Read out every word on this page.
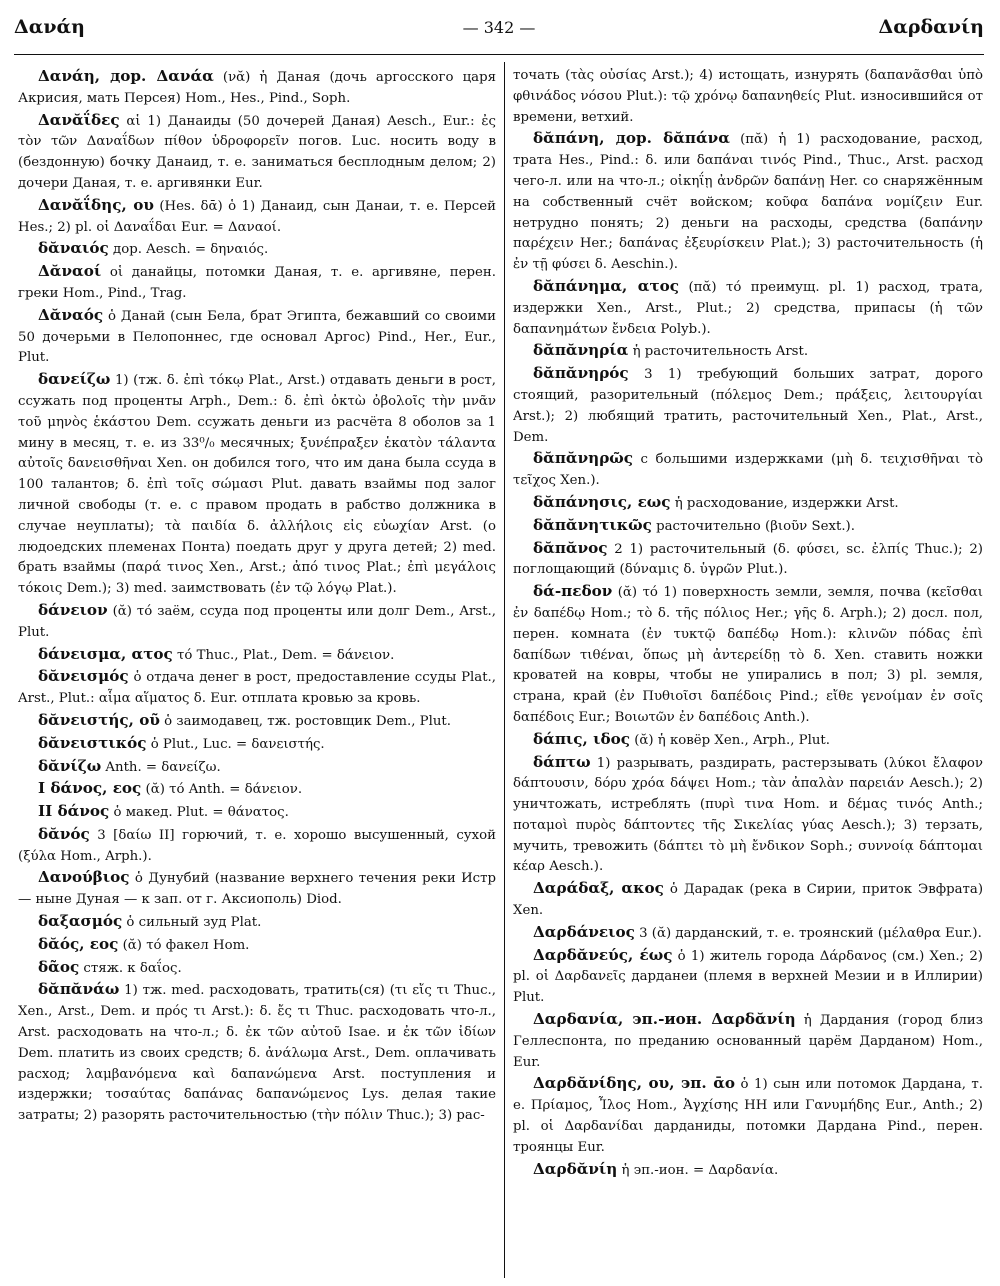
Δανάη	— 342 —	Δαρδανίη

Δανάη, дор. Δανάα (νᾰ) ἡ Даная (дочь аргосского царя Акрисия, мать Персея) Hom., Hes., Pind., Soph.

Δανᾰΐδες αἱ 1) Данаиды (50 дочерей Даная) Aesch., Eur.: ἐς τὸν τῶν Δαναΐδων πίθον ὑδροφορεῖν погов. Luc. носить воду в (бездонную) бочку Данаид, т. е. заниматься бесплодным делом; 2) дочери Даная, т. е. аргивянки Eur.

Δανᾰΐδης, ου (Hes. δᾱ) ὁ 1) Данаид, сын Данаи, т. е. Персей Hes.; 2) pl. οἱ Δαναΐδαι Eur. = Δαναοί.

δᾰναιός дор. Aesch. = δηναιός.

Δᾰναοί οἱ данайцы, потомки Даная, т. е. аргивяне, перен. греки Hom., Pind., Trag.

Δᾰναός ὁ Данай (сын Бела, брат Эгипта, бежавший со своими 50 дочерьми в Пелопоннес, где основал Аргос) Pind., Her., Eur., Plut.

δανείζω 1) (тж. δ. ἐπὶ τόκῳ Plat., Arst.) отдавать деньги в рост, ссужать под проценты Arph., Dem.: δ. ἐπὶ ὀκτὼ ὀβολοῖς τὴν μνᾶν τοῦ μηνὸς ἑκάστου Dem. ссужать деньги из расчёта 8 оболов за 1 мину в месяц, т. е. из 33⁰/₀ месячных; ξυνέπραξεν ἑκατὸν τάλαντα αὐτοῖς δανεισθῆναι Xen. он добился того, что им дана была ссуда в 100 талантов; δ. ἐπὶ τοῖς σώμασι Plut. давать взаймы под залог личной свободы (т. е. с правом продать в рабство должника в случае неуплаты); τὰ παιδία δ. ἀλλήλοις εἰς εὐωχίαν Arst. (о людоедских племенах Понта) поедать друг у друга детей; 2) med. брать взаймы (παρά τινος Xen., Arst.; ἀπό τινος Plat.; ἐπὶ μεγάλοις τόκοις Dem.); 3) med. заимствовать (ἐν τῷ λόγῳ Plat.).

δάνειον (ᾰ) τό заём, ссуда под проценты или долг Dem., Arst., Plut.

δάνεισμα, ατος τό Thuc., Plat., Dem. = δάνειον.

δᾰνεισμός ὁ отдача денег в рост, предоставление ссуды Plat., Arst., Plut.: αἷμα αἵματος δ. Eur. отплата кровью за кровь.

δᾰνειστής, οῦ ὁ заимодавец, тж. ростовщик Dem., Plut.

δᾰνειστικός ὁ Plut., Luc. = δανειστής.

δᾰνίζω Anth. = δανείζω.

I δάνος, εος (ᾰ) τό Anth. = δάνειον.

II δάνος ὁ макед. Plut. = θάνατος.

δᾰνός 3 [δαίω II] горючий, т. е. хорошо высушенный, сухой (ξύλα Hom., Arph.).

Δανούβιος ὁ Дунубий (название верхнего течения реки Истр — ныне Дуная — к зап. от г. Аксиополь) Diod.

δαξασμός ὁ сильный зуд Plat.

δᾰός, εος (ᾰ) τό факел Hom.

δᾶος стяж. к δαΐος.

δᾰπᾰνάω 1) тж. med. расходовать, тратить(ся) (τι εἴς τι Thuc., Xen., Arst., Dem. и πρός τι Arst.): δ. ἔς τι Thuc. расходовать что-л., Arst. расходовать на что-л.; δ. ἐκ τῶν αὐτοῦ Isae. и ἐκ τῶν ἰδίων Dem. платить из своих средств; δ. ἀνάλωμα Arst., Dem. оплачивать расход; λαμβανόμενα καὶ δαπανώμενα Arst. поступления и издержки; τοσαύτας δαπάνας δαπανώμενος Lys. делая такие затраты; 2) разорять расточительностью (τὴν πόλιν Thuc.); 3) рас-

точать (τὰς οὐσίας Arst.); 4) истощать, изнурять (δαπανᾶσθαι ὑπὸ φθινάδος νόσου Plut.): τῷ χρόνῳ δαπανηθείς Plut. износившийся от времени, ветхий.

δᾰπάνη, дор. δᾰπάνα (πᾰ) ἡ 1) расходование, расход, трата Hes., Pind.: δ. или δαπάναι τινός Pind., Thuc., Arst. расход чего-л. или на что-л.; οἰκηΐῃ ἀνδρῶν δαπάνῃ Her. со снаряжённым на собственный счёт войском; κοῦφα δαπάνα νομίζειν Eur. нетрудно понять; 2) деньги на расходы, средства (δαπάνην παρέχειν Her.; δαπάνας ἐξευρίσκειν Plat.); 3) расточительность (ἡ ἐν τῇ φύσει δ. Aeschin.).

δᾰπάνημα, ατος (πᾰ) τό преимущ. pl. 1) расход, трата, издержки Xen., Arst., Plut.; 2) средства, припасы (ἡ τῶν δαπανημάτων ἔνδεια Polyb.).

δᾰπᾰνηρία ἡ расточительность Arst.

δᾰπᾰνηρός 3 1) требующий больших затрат, дорого стоящий, разорительный (πόλεμος Dem.; πράξεις, λειτουργίαι Arst.); 2) любящий тратить, расточительный Xen., Plat., Arst., Dem.

δᾰπᾰνηρῶς с большими издержками (μὴ δ. τειχισθῆναι τὸ τεῖχος Xen.).

δᾰπάνησις, εως ἡ расходование, издержки Arst.

δᾰπᾰνητικῶς расточительно (βιοῦν Sext.).

δᾰπᾰνος 2 1) расточительный (δ. φύσει, sc. ἐλπίς Thuc.); 2) поглощающий (δύναμις δ. ὑγρῶν Plut.).

δά-πεδον (ᾰ) τό 1) поверхность земли, земля, почва (κεῖσθαι ἐν δαπέδῳ Hom.; τὸ δ. τῆς πόλιος Her.; γῆς δ. Arph.); 2) досл. пол, перен. комната (ἐν τυκτῷ δαπέδῳ Hom.): κλινῶν πόδας ἐπὶ δαπίδων τιθέναι, ὅπως μὴ ἀντερείδῃ τὸ δ. Xen. ставить ножки кроватей на ковры, чтобы не упирались в пол; 3) pl. земля, страна, край (ἐν Πυθιοῖσι δαπέδοις Pind.; εἴθε γενοίμαν ἐν σοῖς δαπέδοις Eur.; Βοιωτῶν ἐν δαπέδοις Anth.).

δάπις, ιδος (ᾰ) ἡ ковёр Xen., Arph., Plut.

δάπτω 1) разрывать, раздирать, растерзывать (λύκοι ἔλαφον δάπτουσιν, δόρυ χρόα δάψει Hom.; τὰν ἀπαλὰν παρειάν Aesch.); 2) уничтожать, истреблять (πυρὶ τινα Hom. и δέμας τινός Anth.; ποταμοὶ πυρὸς δάπτοντες τῆς Σικελίας γύας Aesch.); 3) терзать, мучить, тревожить (δάπτει τὸ μὴ ἔνδικον Soph.; συννοίᾳ δάπτομαι κέαρ Aesch.).

Δαράδαξ, ακος ὁ Дарадак (река в Сирии, приток Эвфрата) Xen.

Δαρδάνειος 3 (ᾰ) дарданский, т. е. троянский (μέλαθρα Eur.).

Δαρδᾰνεύς, έως ὁ 1) житель города Δάρδανος (см.) Xen.; 2) pl. οἱ Δαρδανεῖς дарданеи (племя в верхней Мезии и в Иллирии) Plut.

Δαρδανία, эп.-ион. Δαρδᾰνίη ἡ Дардания (город близ Геллеспонта, по преданию основанный царём Дарданом) Hom., Eur.

Δαρδᾰνίδης, ου, эп. ᾱο ὁ 1) сын или потомок Дардана, т. е. Πρίαμος, Ἶλος Hom., Ἀγχίσης HH или Γανυμήδης Eur., Anth.; 2) pl. οἱ Δαρδανίδαι дарданиды, потомки Дардана Pind., перен. троянцы Eur.

Δαρδᾰνίη ἡ эп.-ион. = Δαρδανία.
